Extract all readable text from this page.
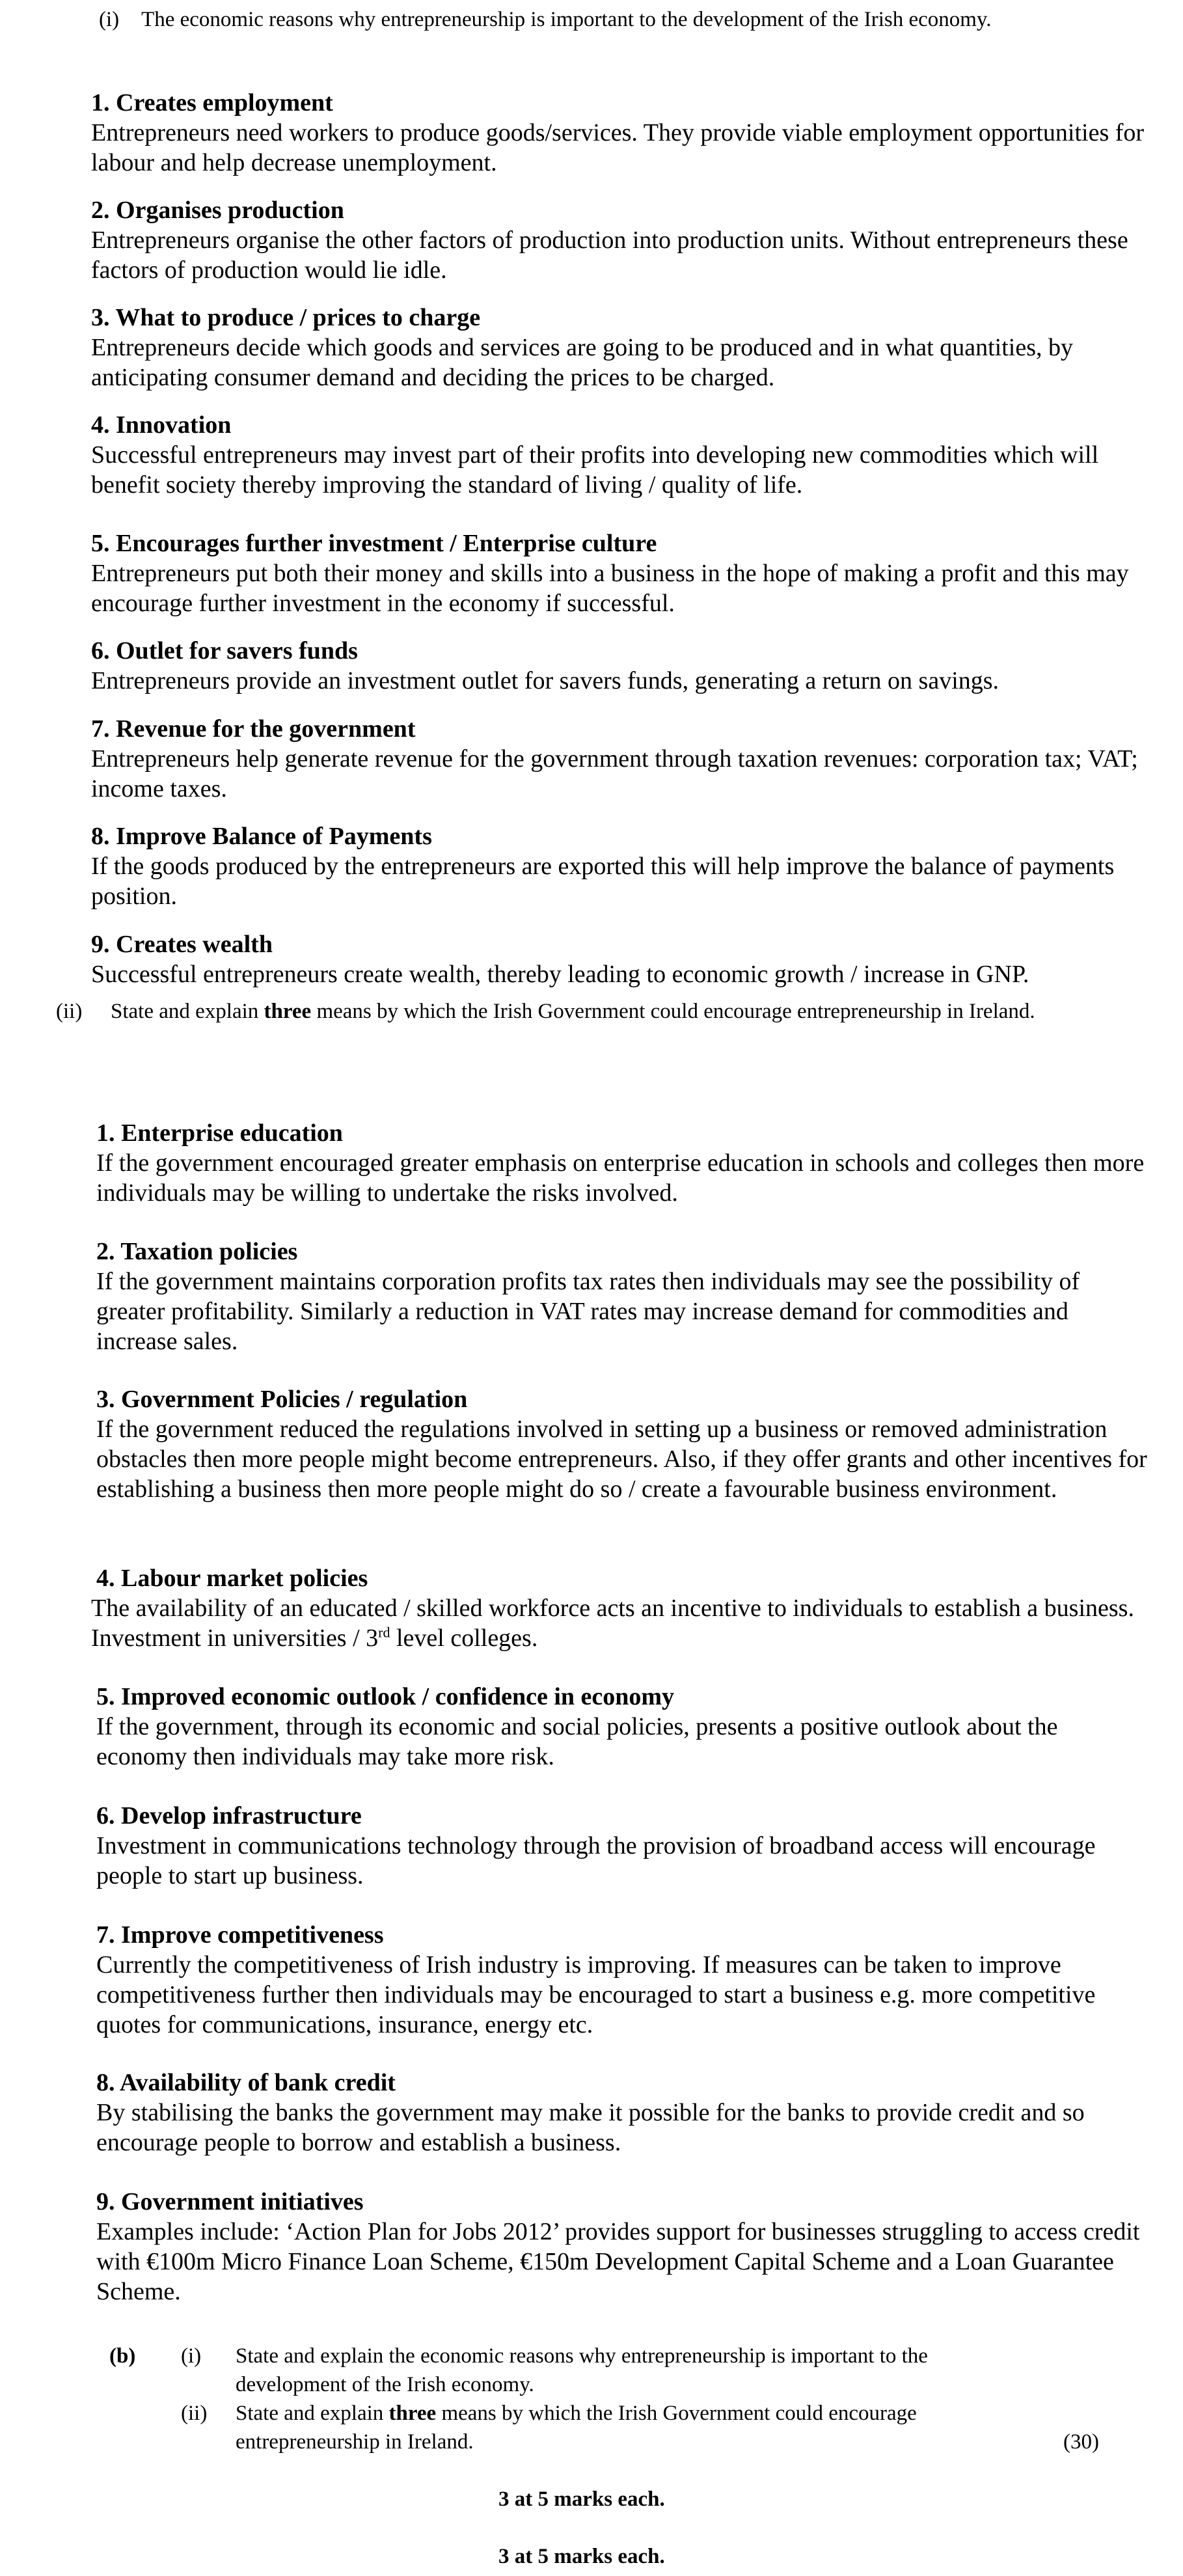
(i) The economic reasons why entrepreneurship is important to the development of the Irish economy.
1. Creates employment
Entrepreneurs need workers to produce goods/services. They provide viable employment opportunities for labour and help decrease unemployment.
2. Organises production
Entrepreneurs organise the other factors of production into production units. Without entrepreneurs these factors of production would lie idle.
3. What to produce / prices to charge
Entrepreneurs decide which goods and services are going to be produced and in what quantities, by anticipating consumer demand and deciding the prices to be charged.
4. Innovation
Successful entrepreneurs may invest part of their profits into developing new commodities which will benefit society thereby improving the standard of living / quality of life.
5. Encourages further investment / Enterprise culture
Entrepreneurs put both their money and skills into a business in the hope of making a profit and this may encourage further investment in the economy if successful.
6. Outlet for savers funds
Entrepreneurs provide an investment outlet for savers funds, generating a return on savings.
7. Revenue for the government
Entrepreneurs help generate revenue for the government through taxation revenues: corporation tax; VAT; income taxes.
8. Improve Balance of Payments
If the goods produced by the entrepreneurs are exported this will help improve the balance of payments position.
9. Creates wealth
Successful entrepreneurs create wealth, thereby leading to economic growth / increase in GNP.
(ii) State and explain three means by which the Irish Government could encourage entrepreneurship in Ireland.
1. Enterprise education
If the government encouraged greater emphasis on enterprise education in schools and colleges then more individuals may be willing to undertake the risks involved.
2. Taxation policies
If the government maintains corporation profits tax rates then individuals may see the possibility of greater profitability. Similarly a reduction in VAT rates may increase demand for commodities and increase sales.
3. Government Policies / regulation
If the government reduced the regulations involved in setting up a business or removed administration obstacles then more people might become entrepreneurs. Also, if they offer grants and other incentives for establishing a business then more people might do so / create a favourable business environment.
4. Labour market policies
The availability of an educated / skilled workforce acts an incentive to individuals to establish a business. Investment in universities / 3rd level colleges.
5. Improved economic outlook / confidence in economy
If the government, through its economic and social policies, presents a positive outlook about the economy then individuals may take more risk.
6. Develop infrastructure
Investment in communications technology through the provision of broadband access will encourage people to start up business.
7. Improve competitiveness
Currently the competitiveness of Irish industry is improving. If measures can be taken to improve competitiveness further then individuals may be encouraged to start a business e.g. more competitive quotes for communications, insurance, energy etc.
8. Availability of bank credit
By stabilising the banks the government may make it possible for the banks to provide credit and so encourage people to borrow and establish a business.
9. Government initiatives
Examples include: ‘Action Plan for Jobs 2012’ provides support for businesses struggling to access credit with €100m Micro Finance Loan Scheme, €150m Development Capital Scheme and a Loan Guarantee Scheme.
(b) (i) State and explain the economic reasons why entrepreneurship is important to the development of the Irish economy.
(ii) State and explain three means by which the Irish Government could encourage entrepreneurship in Ireland.	(30)
3 at 5 marks each.
3 at 5 marks each.
